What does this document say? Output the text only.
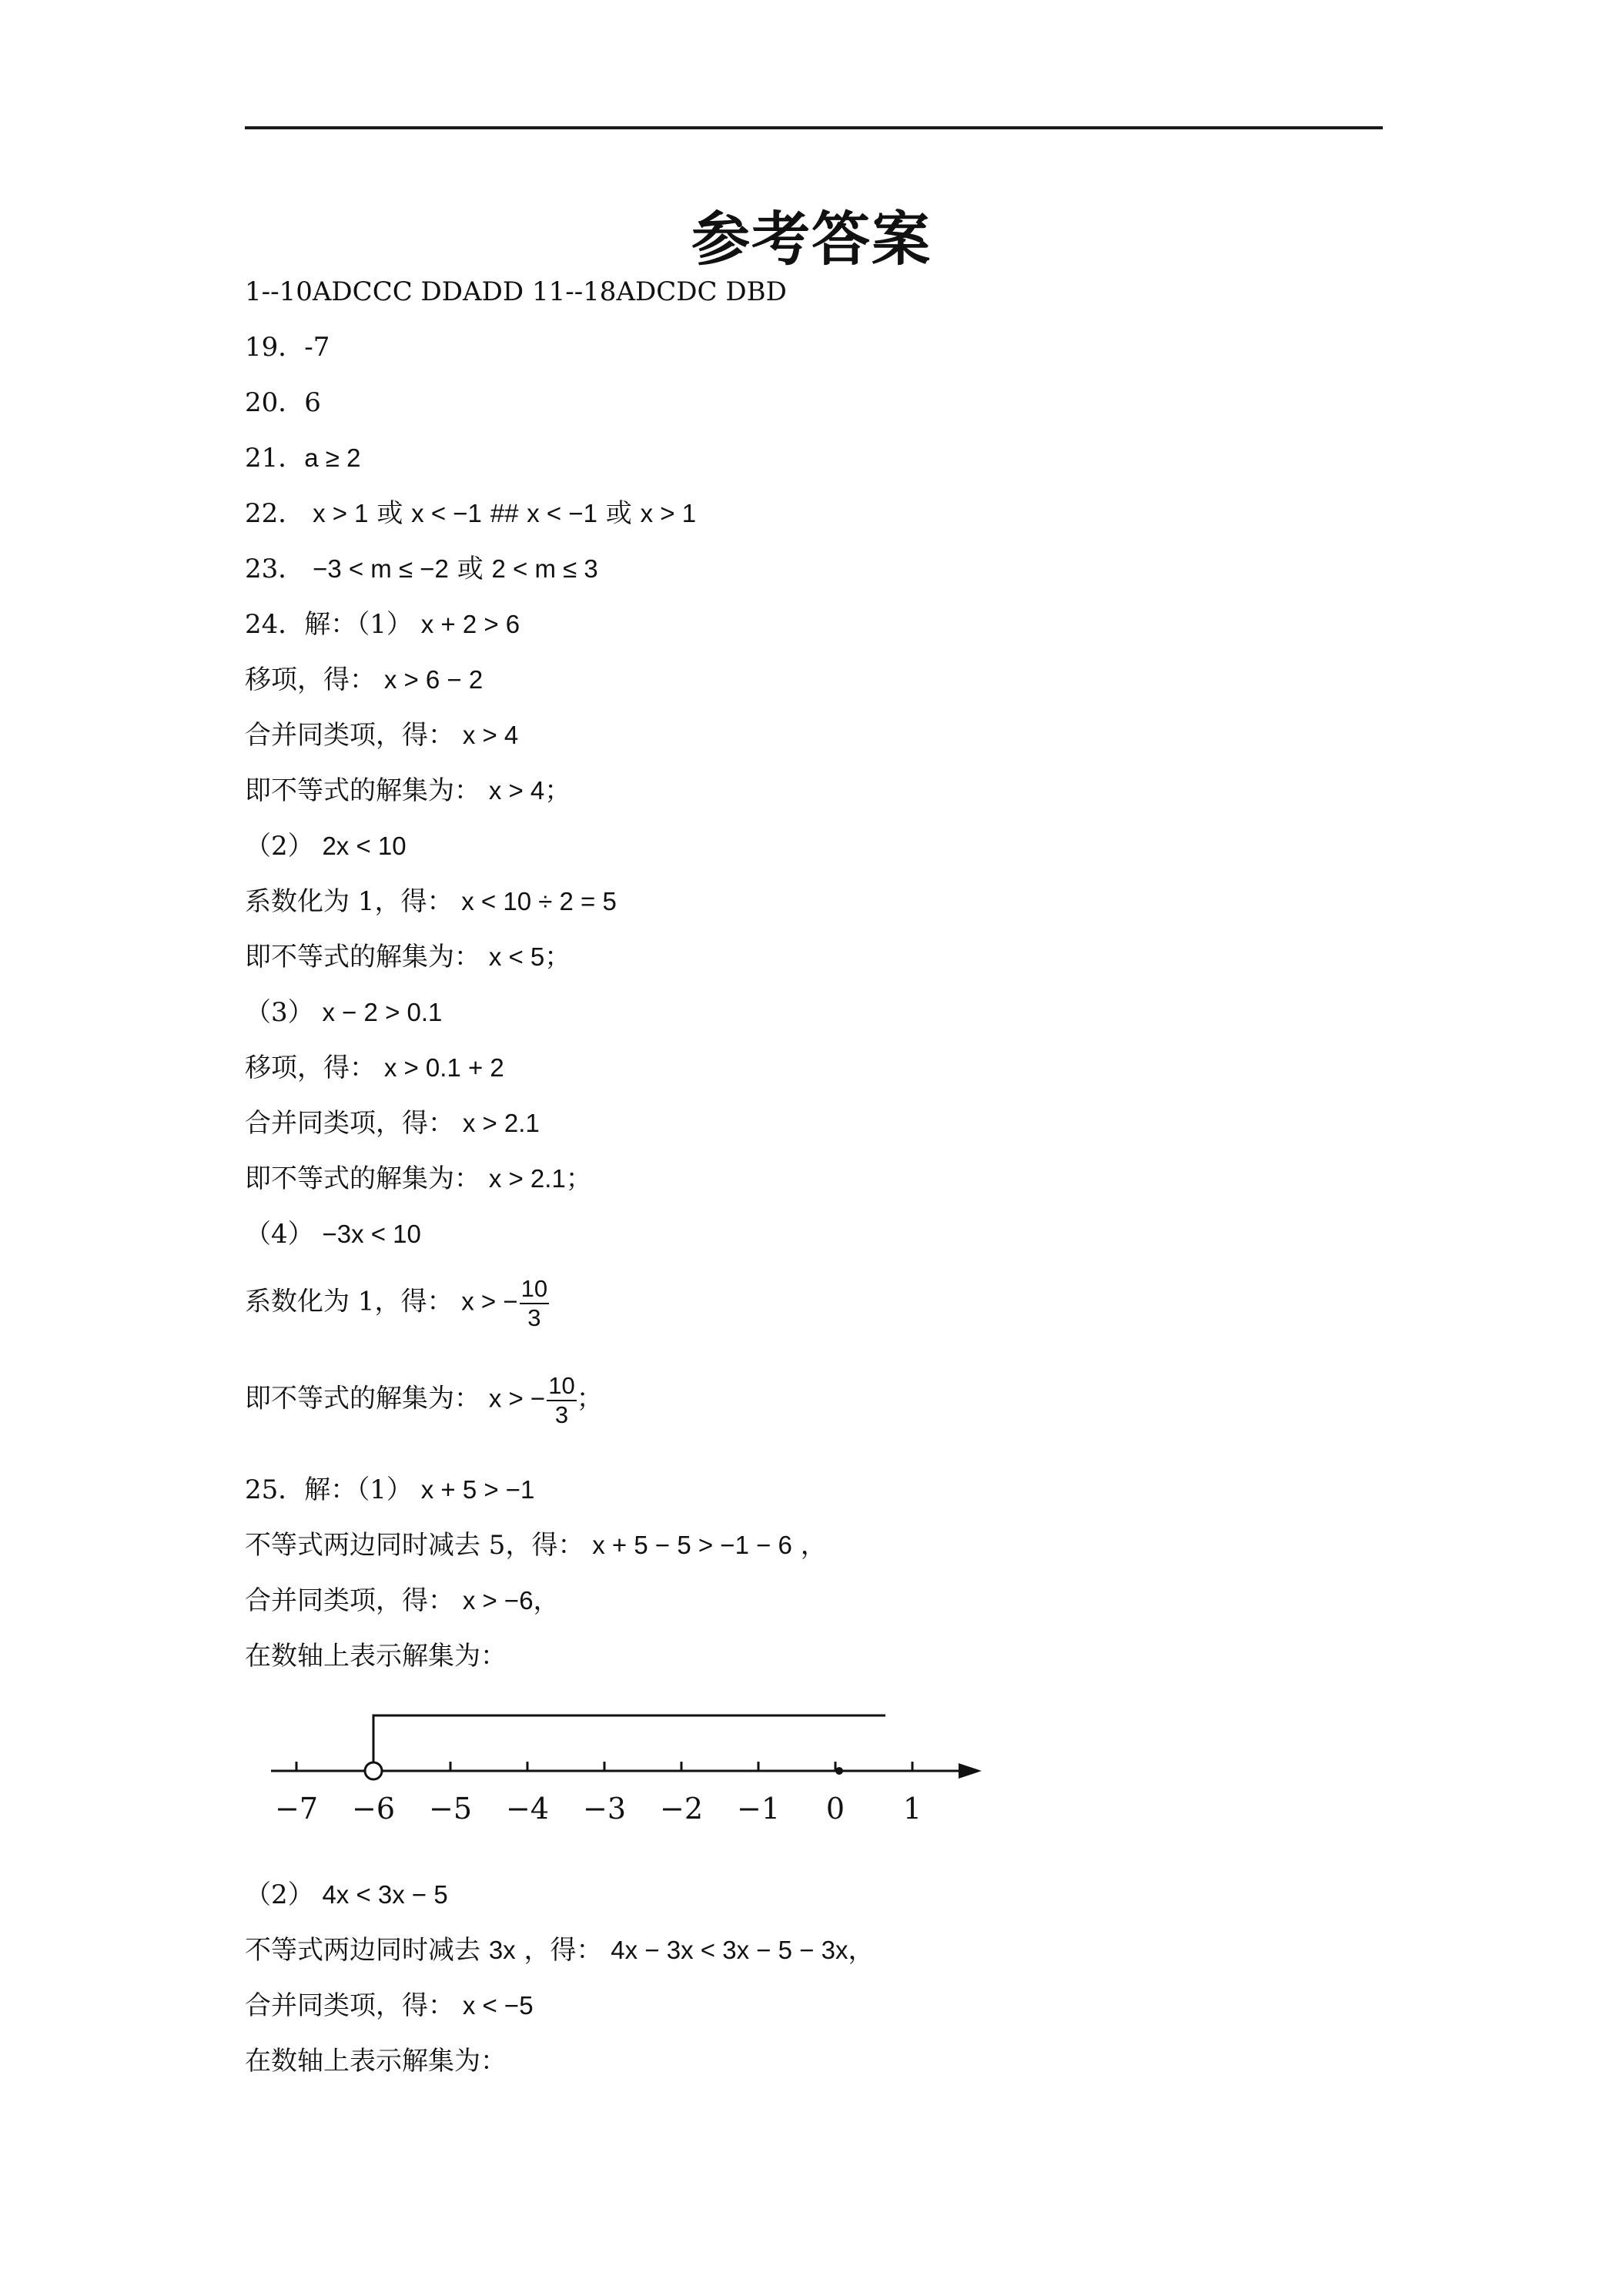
参考答案
1--10ADCCC DDADD 11--18ADCDC DBD
19．-7
20．6
21．a ≥ 2
22． x > 1 或 x < −1 ## x < −1 或 x > 1
23． −3 < m ≤ −2 或 2 < m ≤ 3
24．解：（1） x + 2 > 6
移项，得： x > 6 − 2
合并同类项，得： x > 4
即不等式的解集为： x > 4；
（2） 2x < 10
系数化为 1，得： x < 10 ÷ 2 = 5
即不等式的解集为： x < 5；
（3） x − 2 > 0.1
移项，得： x > 0.1 + 2
合并同类项，得： x > 2.1
即不等式的解集为： x > 2.1；
（4） −3x < 10
系数化为 1，得： x > − $\frac{10}{3}$
即不等式的解集为： x > − $\frac{10}{3}$ ；
25．解：（1） x + 5 > −1
不等式两边同时减去 5，得： x + 5 − 5 > −1 − 6 ，
合并同类项，得： x > −6，
在数轴上表示解集为：
−7 −6 −5 −4 −3 −2 −1 0 1
（2） 4x < 3x − 5
不等式两边同时减去 3x ，得： 4x − 3x < 3x − 5 − 3x，
合并同类项，得： x < −5
在数轴上表示解集为：
